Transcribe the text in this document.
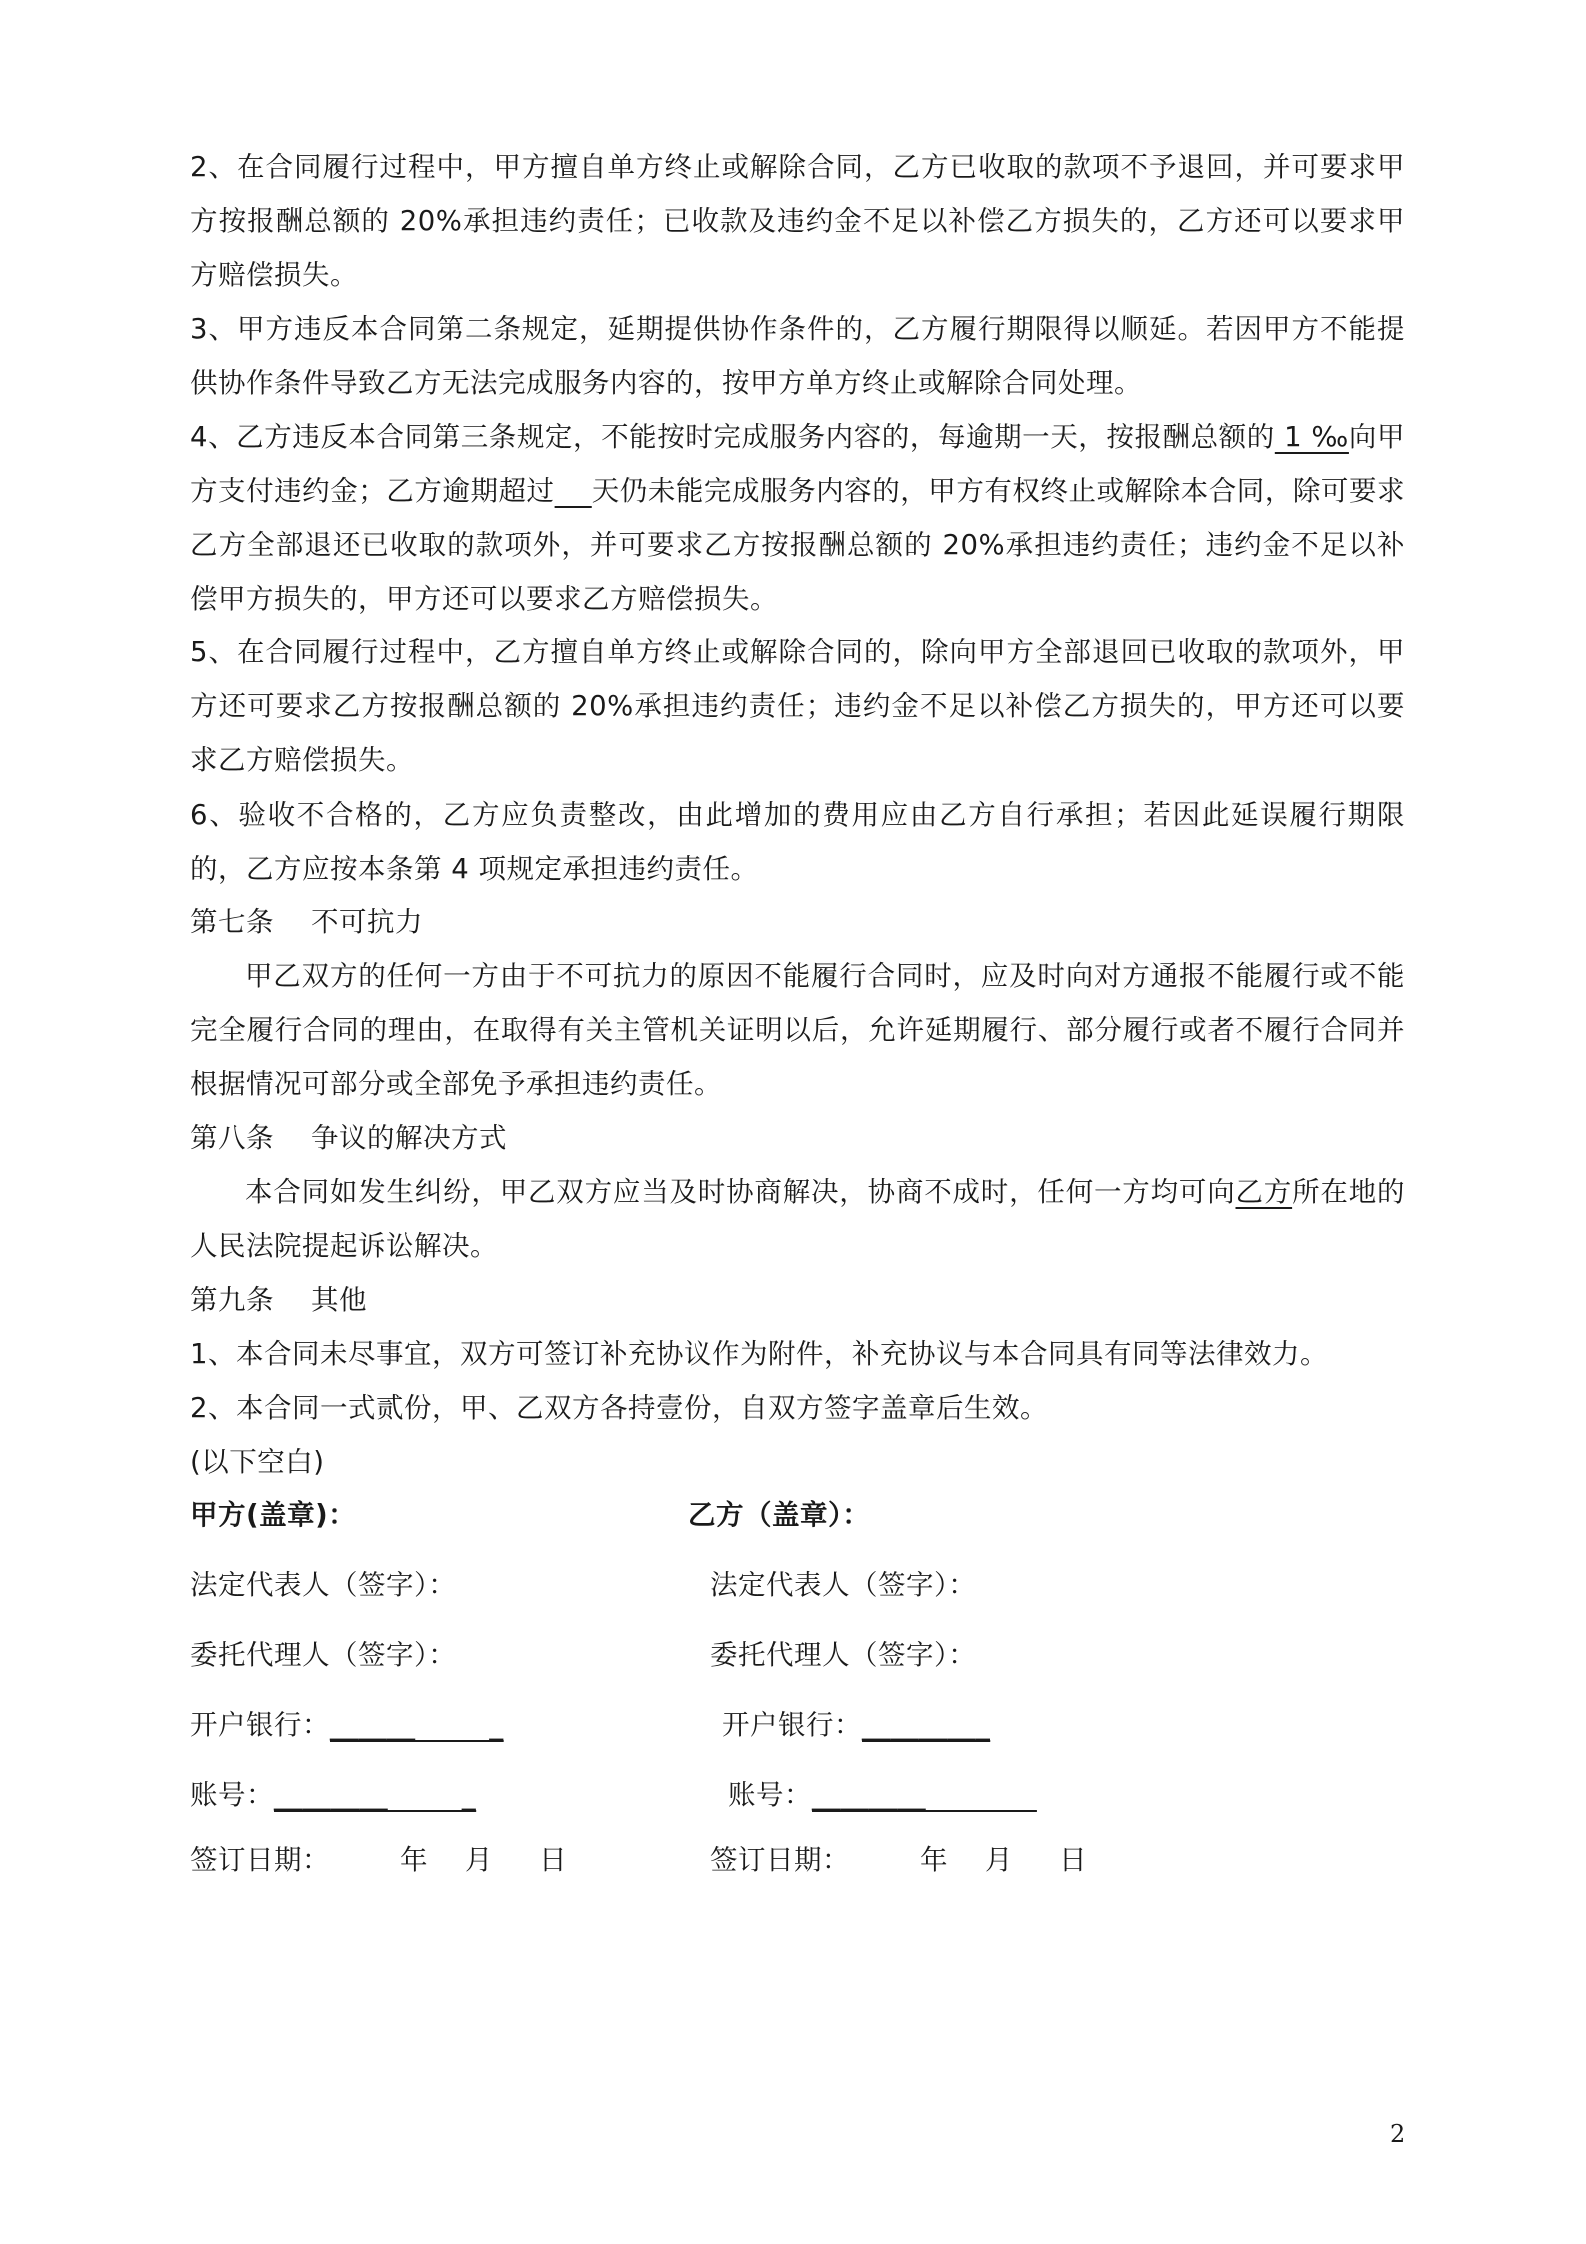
2、在合同履行过程中，甲方擅自单方终止或解除合同，乙方已收取的款项不予退回，并可要求甲方按报酬总额的 20%承担违约责任；已收款及违约金不足以补偿乙方损失的，乙方还可以要求甲方赔偿损失。
3、甲方违反本合同第二条规定，延期提供协作条件的，乙方履行期限得以顺延。若因甲方不能提供协作条件导致乙方无法完成服务内容的，按甲方单方终止或解除合同处理。
4、乙方违反本合同第三条规定，不能按时完成服务内容的，每逾期一天，按报酬总额的 1 ‰向甲方支付违约金；乙方逾期超过 天仍未能完成服务内容的，甲方有权终止或解除本合同，除可要求乙方全部退还已收取的款项外，并可要求乙方按报酬总额的 20%承担违约责任；违约金不足以补偿甲方损失的，甲方还可以要求乙方赔偿损失。
5、在合同履行过程中，乙方擅自单方终止或解除合同的，除向甲方全部退回已收取的款项外，甲方还可要求乙方按报酬总额的 20%承担违约责任；违约金不足以补偿乙方损失的，甲方还可以要求乙方赔偿损失。
6、验收不合格的，乙方应负责整改，由此增加的费用应由乙方自行承担；若因此延误履行期限的，乙方应按本条第 4 项规定承担违约责任。
第七条    不可抗力
甲乙双方的任何一方由于不可抗力的原因不能履行合同时，应及时向对方通报不能履行或不能完全履行合同的理由，在取得有关主管机关证明以后，允许延期履行、部分履行或者不履行合同并根据情况可部分或全部免予承担违约责任。
第八条    争议的解决方式
本合同如发生纠纷，甲乙双方应当及时协商解决，协商不成时，任何一方均可向乙方所在地的人民法院提起诉讼解决。
第九条    其他
1、本合同未尽事宜，双方可签订补充协议作为附件，补充协议与本合同具有同等法律效力。
2、本合同一式贰份，甲、乙双方各持壹份，自双方签字盖章后生效。
(以下空白)
甲方(盖章)：
法定代表人（签字）：
委托代理人（签字）：
开户银行：______        _
账号：________        _
签订日期：	年    月     日
乙方（盖章）：
法定代表人（签字）：
委托代理人（签字）：
开户银行：_________
账号：________
签订日期：	年    月     日
2
